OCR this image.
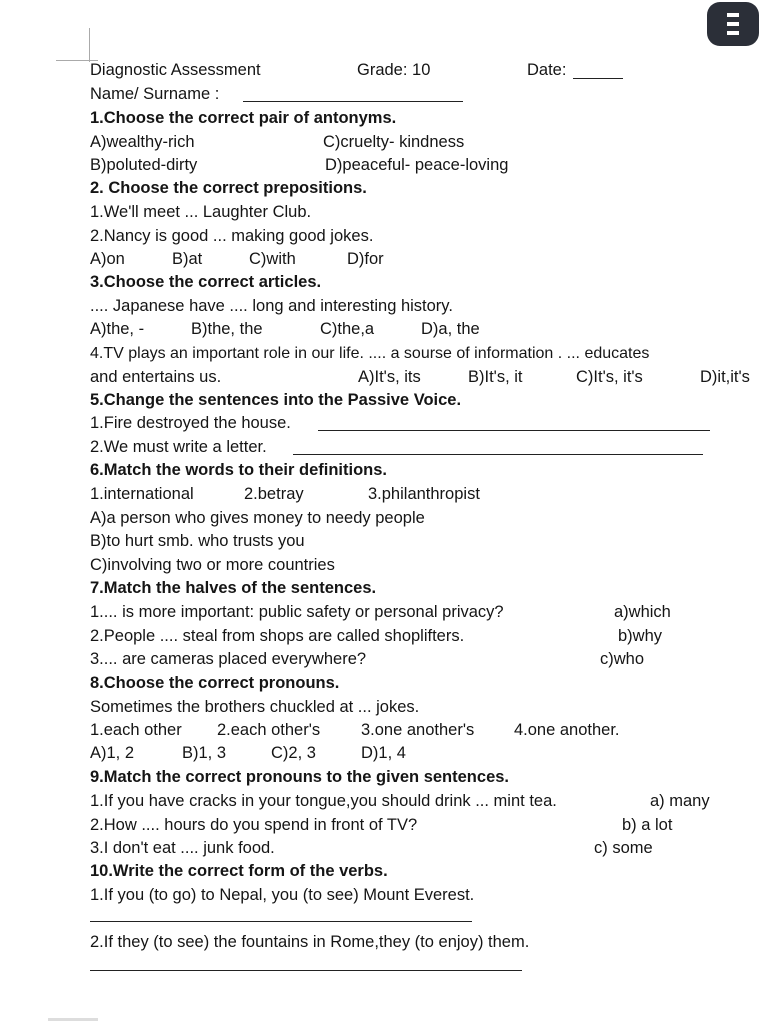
Diagnostic Assessment	Grade: 10	Date:
Name/ Surname :
1.Choose the correct pair of antonyms.
A)wealthy-rich	C)cruelty- kindness
B)poluted-dirty	D)peaceful- peace-loving
2. Choose the correct prepositions.
1.We'll meet ... Laughter Club.
2.Nancy is good ... making good jokes.
A)on	B)at	C)with	D)for
3.Choose the correct articles.
.... Japanese have .... long and interesting history.
A)the, -	B)the, the	C)the,a	D)a, the
4.TV plays an important role in our life. .... a sourse of information . ... educates
and entertains us.	A)It's, its	B)It's, it	C)It's, it's	D)it,it's
5.Change the sentences into the Passive Voice.
1.Fire destroyed the house.
2.We must write a letter.
6.Match the words to their definitions.
1.international	2.betray	3.philanthropist
A)a person who gives money to needy people
B)to hurt smb. who trusts you
C)involving two or more countries
7.Match the halves of the sentences.
1.... is more important: public safety or personal privacy?	a)which
2.People .... steal from shops are called shoplifters.	b)why
3.... are cameras placed everywhere?	c)who
8.Choose the correct pronouns.
Sometimes the brothers chuckled at ... jokes.
1.each other 2.each other's 3.one another's 4.one another.
A)1, 2	B)1, 3	C)2, 3	D)1, 4
9.Match the correct pronouns to the given sentences.
1.If you have cracks in your tongue,you should drink ... mint tea.	a) many
2.How .... hours do you spend in front of TV?	b) a lot
3.I don't eat .... junk food.	c) some
10.Write the correct form of the verbs.
1.If you (to go) to Nepal, you (to see) Mount Everest.
2.If they (to see) the fountains in Rome,they (to enjoy) them.
